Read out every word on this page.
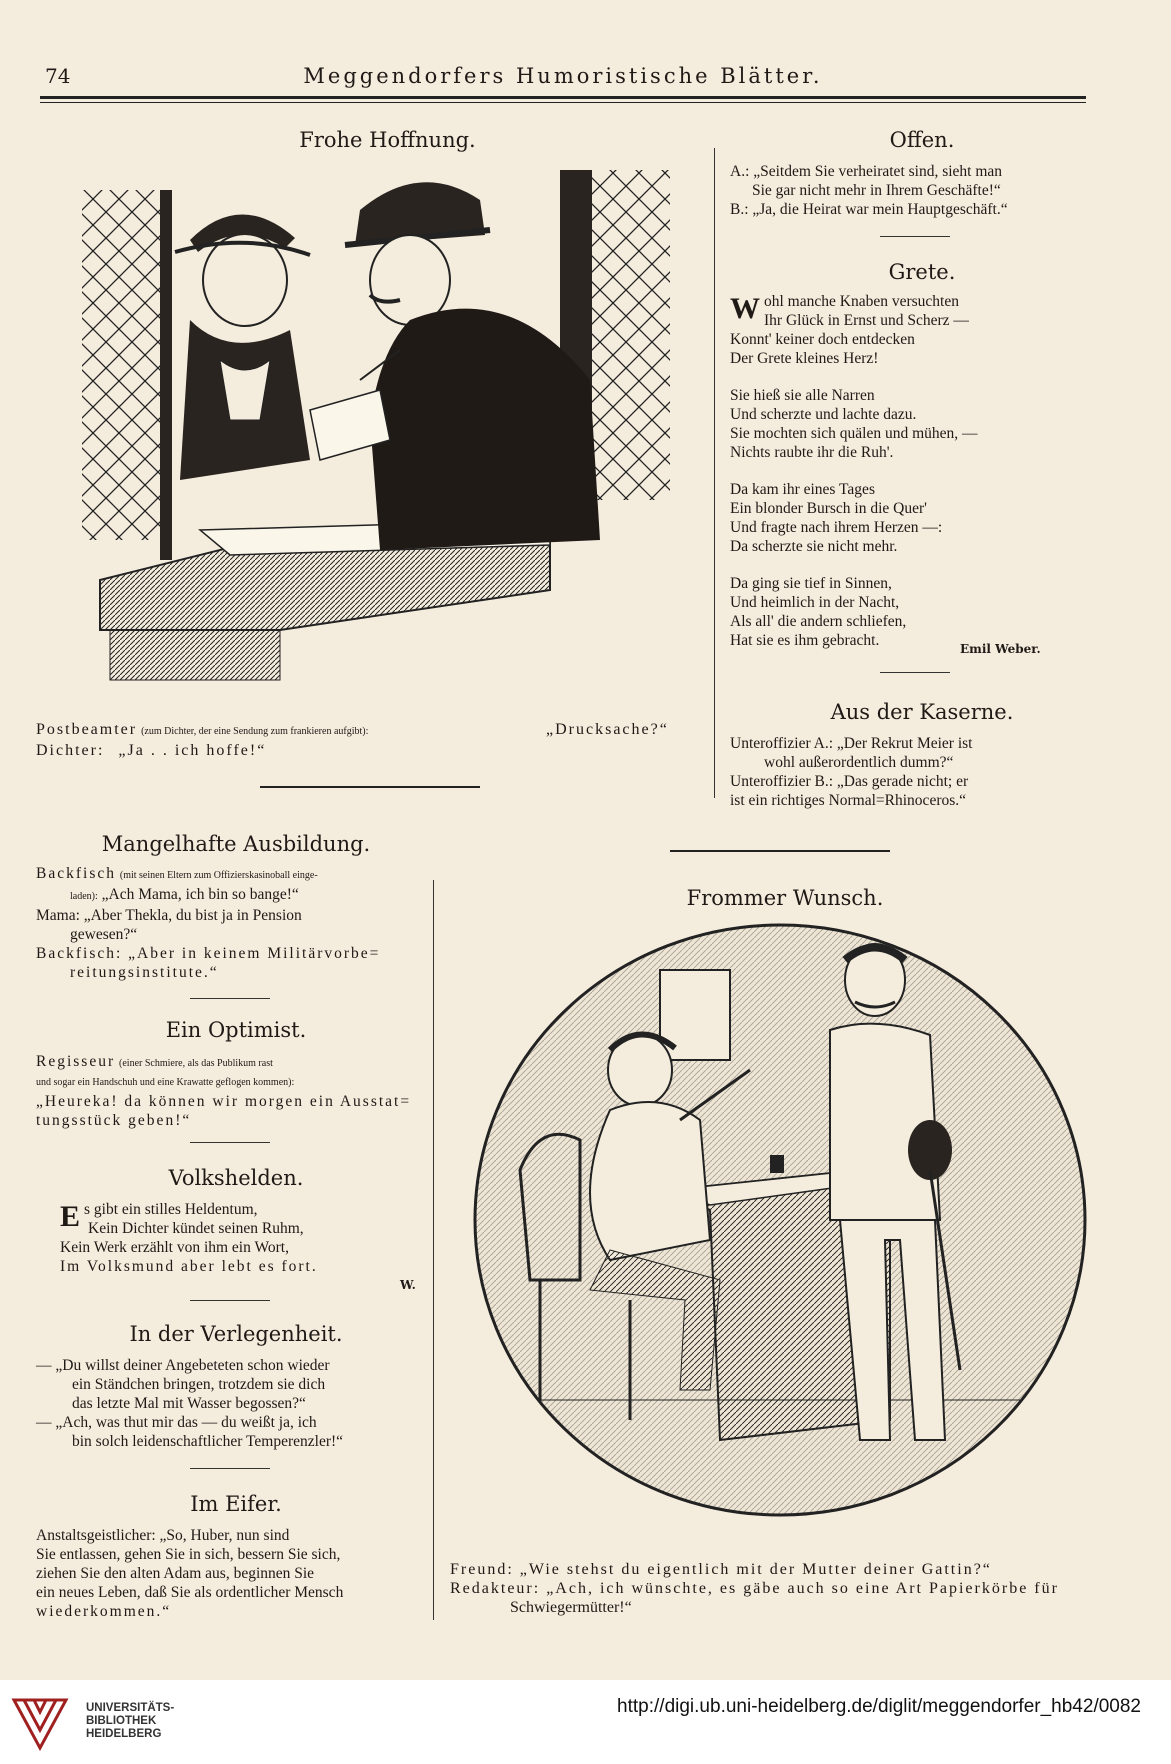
74	Meggendorfers Humoristische Blätter.
Frohe Hoffnung.
Postbeamter (zum Dichter, der eine Sendung zum frankieren aufgibt):	„Drucksache?“
Dichter: „Ja . . ich hoffe!“
Offen.
A.: „Seitdem Sie verheiratet sind, sieht man
Sie gar nicht mehr in Ihrem Geschäfte!“
B.: „Ja, die Heirat war mein Hauptgeschäft.“
Grete.
W ohl manche Knaben versuchten
Ihr Glück in Ernst und Scherz —
Konnt' keiner doch entdecken
Der Grete kleines Herz!
Sie hieß sie alle Narren
Und scherzte und lachte dazu.
Sie mochten sich quälen und mühen, —
Nichts raubte ihr die Ruh'.
Da kam ihr eines Tages
Ein blonder Bursch in die Quer'
Und fragte nach ihrem Herzen —:
Da scherzte sie nicht mehr.
Da ging sie tief in Sinnen,
Und heimlich in der Nacht,
Als all' die andern schliefen,
Hat sie es ihm gebracht.	Emil Weber.
Aus der Kaserne.
Unteroffizier A.: „Der Rekrut Meier ist
wohl außerordentlich dumm?“
Unteroffizier B.: „Das gerade nicht; er
ist ein richtiges Normal=Rhinoceros.“
Mangelhafte Ausbildung.
Backfisch (mit seinen Eltern zum Offizierskasinoball einge-
laden): „Ach Mama, ich bin so bange!“
Mama: „Aber Thekla, du bist ja in Pension
gewesen?“
Backfisch: „Aber in keinem Militärvorbe=
reitungsinstitute.“
Ein Optimist.
Regisseur (einer Schmiere, als das Publikum rast
und sogar ein Handschuh und eine Krawatte geflogen kommen):
„Heureka! da können wir morgen ein Ausstat=
tungsstück geben!“
Volkshelden.
E s gibt ein stilles Heldentum,
Kein Dichter kündet seinen Ruhm,
Kein Werk erzählt von ihm ein Wort,
Im Volksmund aber lebt es fort.
W.
In der Verlegenheit.
— „Du willst deiner Angebeteten schon wieder
ein Ständchen bringen, trotzdem sie dich
das letzte Mal mit Wasser begossen?“
— „Ach, was thut mir das — du weißt ja, ich
bin solch leidenschaftlicher Temperenzler!“
Im Eifer.
Anstaltsgeistlicher: „So, Huber, nun sind
Sie entlassen, gehen Sie in sich, bessern Sie sich,
ziehen Sie den alten Adam aus, beginnen Sie
ein neues Leben, daß Sie als ordentlicher Mensch
wiederkommen.“
Frommer Wunsch.
Freund: „Wie stehst du eigentlich mit der Mutter deiner Gattin?“
Redakteur: „Ach, ich wünschte, es gäbe auch so eine Art Papierkörbe für
Schwiegermütter!“
UNIVERSITÄTS-
BIBLIOTHEK
HEIDELBERG
http://digi.ub.uni-heidelberg.de/diglit/meggendorfer_hb42/0082
